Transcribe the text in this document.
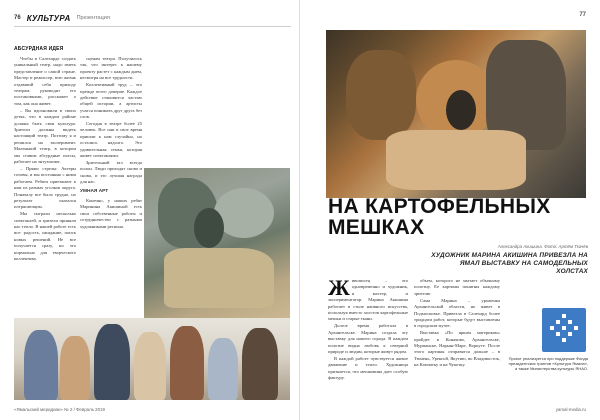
76 КУЛЬТУРА Презентация
АБСУРДНАЯ ИДЕЯ

Чтобы в Салехарде создать уникальный театр, надо иметь представление о самой стране. Мастер и режиссер, всю жизнь отдавший себя приходу театрам, руководит его постановками, расскажет о том, как она живет.

– Вы вдохновили в своих детях, что в каждом районе должна быть своя культура. Зрители должны видеть настоящий театр. Поэтому я и решился на эксперимент. Маленький театр, в котором мы ставим абсурдные пьесы, работает на энтузиазме.

– Прямо стрелы: Актеры готовы, и мы постоянно с ними работаем. Ребята приезжают к нам из разных уголков округа. Поначалу все было трудно, но результат оказался потрясающим.

Мы сыграли несколько спектаклей, и зрители приняли нас тепло. В нашей работе есть все: радость, ожидание, поиск новых решений. Не все получается сразу, но это нормально для творческого коллектива.

сценам театра. Получилось так, что интерес к нашему проекту растет с каждым днем, несмотря на все трудности.

Коллективный труд – это прежде всего доверие. Каждое действие становится частью общей истории, а артисты учатся понимать друг друга без слов.

Сегодня в театре более 25 человек. Все они в свое время пришли к нам случайно, но остались надолго. Это удивительная семья, которая живет спектаклями.

Зрительный зал всегда полон. Люди приходят снова и снова, и это лучшая награда для нас.

УМНАЯ АРТ

Конечно, у наших ребят Маринина Акишиной есть свои собственные работы и сотрудничество с разными художниками региона.

«Ямальский меридиан» № 2 / Февраль 2019
77
НА КАРТОФЕЛЬНЫХ
МЕШКАХ
Александра Акишина. Фото: Артём Ткачёв
ХУДОЖНИК МАРИНА АКИШИНА ПРИВЕЗЛА НА ЯМАЛ ВЫСТАВКУ НА САМОДЕЛЬНЫХ ХОЛСТАХ

Живописец – это одновременно и художник, и мастер, и экспериментатор. Марина Акишина работает в стиле наивного искусства, используя вместо холстов картофельные мешки и старые ткани.

Долгое время работала в Архангельске. Марина создала эту выставку для нашего города. В каждом полотне видна любовь к северной природе и людям, которые живут рядом.

В каждой работе чувствуется живое движение и тепло. Художница признается, что мешковина дает особую фактуру.

объем, которого не хватает обычному полотну. Ее картины понятны каждому зрителю.

Сама Марина – уроженка Архангельской области, но живет в Подмосковье. Привезла в Салехард более тридцати работ, которые будут выставлены в городском музее.

Выставка «По ярким материкам» пройдет в Конаково, Архангельске, Мурманске, Нарьян-Маре, Воркуте. После этого картины отправятся дальше – в Тюмень, Уренгой, Якутию, во Владивосток, на Камчатку и на Чукотку.

Проект реализуется при поддержке Фонда президентских грантов «Культура Ямала», а также Министерства культуры ЯНАО.
yamal-media.ru
